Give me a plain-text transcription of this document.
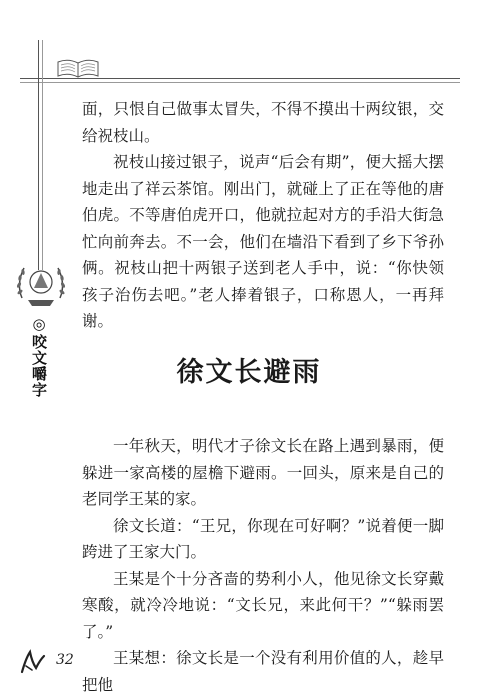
◎咬文嚼字

面，只恨自己做事太冒失，不得不摸出十两纹银，交给祝枝山。

祝枝山接过银子，说声“后会有期”，便大摇大摆地走出了祥云茶馆。刚出门，就碰上了正在等他的唐伯虎。不等唐伯虎开口，他就拉起对方的手沿大街急忙向前奔去。不一会，他们在墙沿下看到了乡下爷孙俩。祝枝山把十两银子送到老人手中，说：“你快领孩子治伤去吧。”老人捧着银子，口称恩人，一再拜谢。

徐文长避雨

一年秋天，明代才子徐文长在路上遇到暴雨，便躲进一家高楼的屋檐下避雨。一回头，原来是自己的老同学王某的家。

徐文长道：“王兄，你现在可好啊？”说着便一脚跨进了王家大门。

王某是个十分吝啬的势利小人，他见徐文长穿戴寒酸，就冷冷地说：“文长兄，来此何干？”“躲雨罢了。”

王某想：徐文长是一个没有利用价值的人，趁早把他

32
